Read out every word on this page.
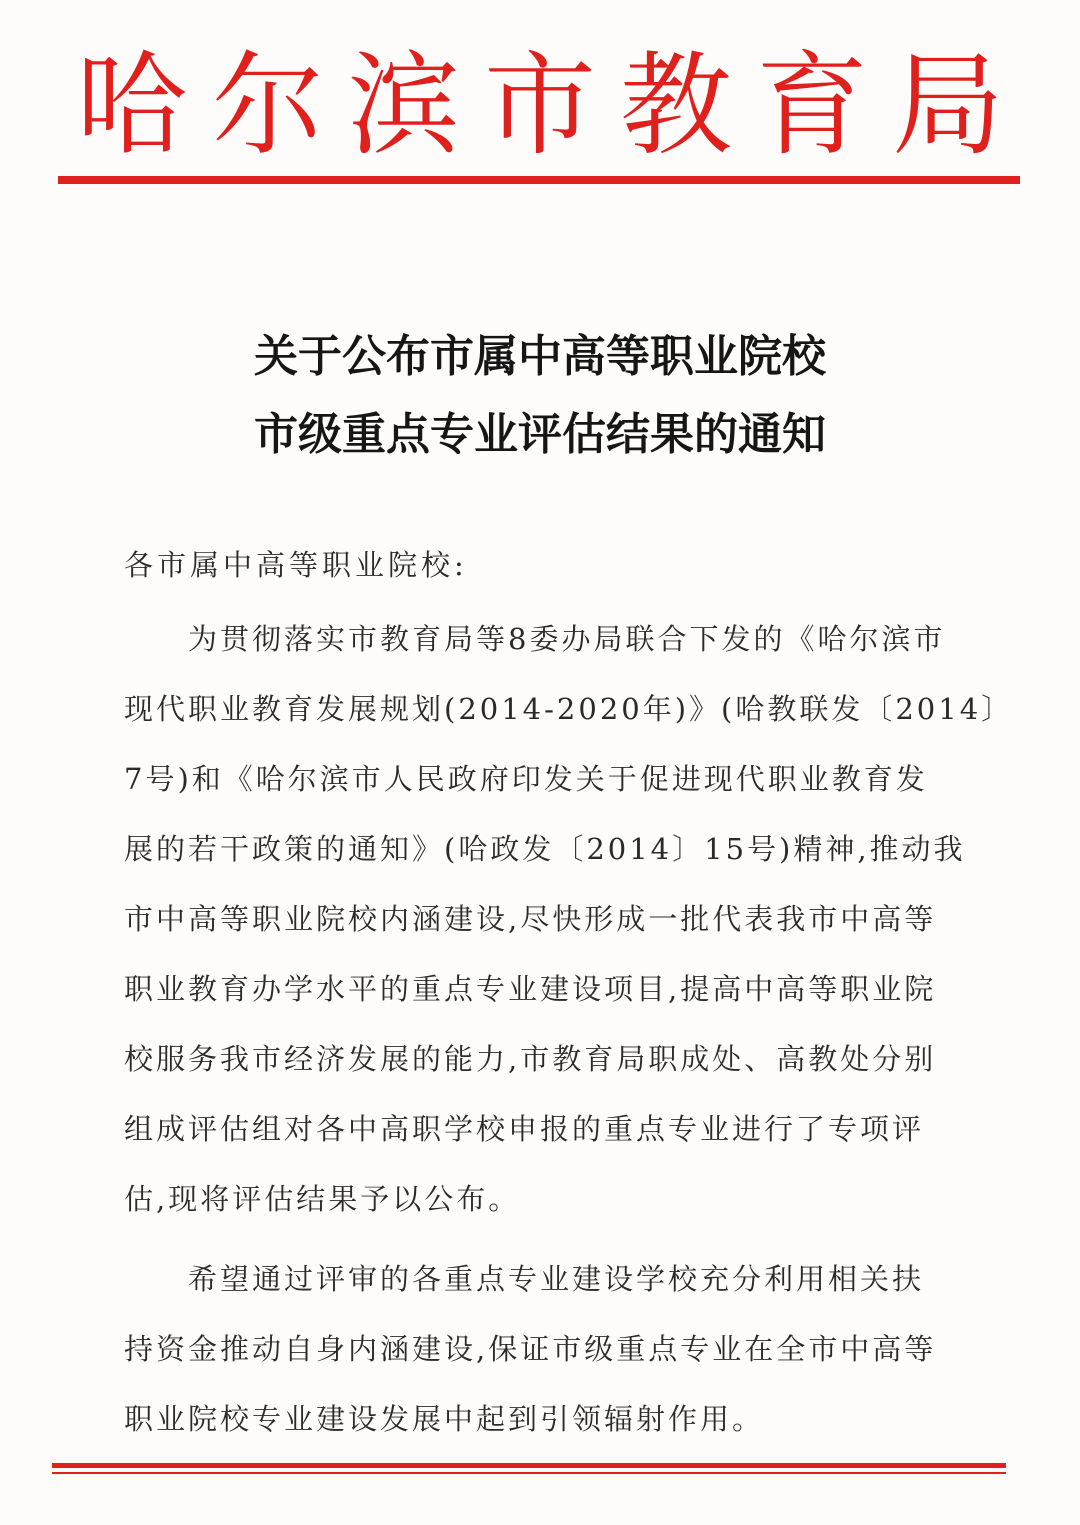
哈尔滨市教育局
关于公布市属中高等职业院校
市级重点专业评估结果的通知
各市属中高等职业院校:
为贯彻落实市教育局等8委办局联合下发的《哈尔滨市
现代职业教育发展规划(2014-2020年)》(哈教联发〔2014〕
7号)和《哈尔滨市人民政府印发关于促进现代职业教育发
展的若干政策的通知》(哈政发〔2014〕15号)精神,推动我
市中高等职业院校内涵建设,尽快形成一批代表我市中高等
职业教育办学水平的重点专业建设项目,提高中高等职业院
校服务我市经济发展的能力,市教育局职成处、高教处分别
组成评估组对各中高职学校申报的重点专业进行了专项评
估,现将评估结果予以公布。
希望通过评审的各重点专业建设学校充分利用相关扶
持资金推动自身内涵建设,保证市级重点专业在全市中高等
职业院校专业建设发展中起到引领辐射作用。
